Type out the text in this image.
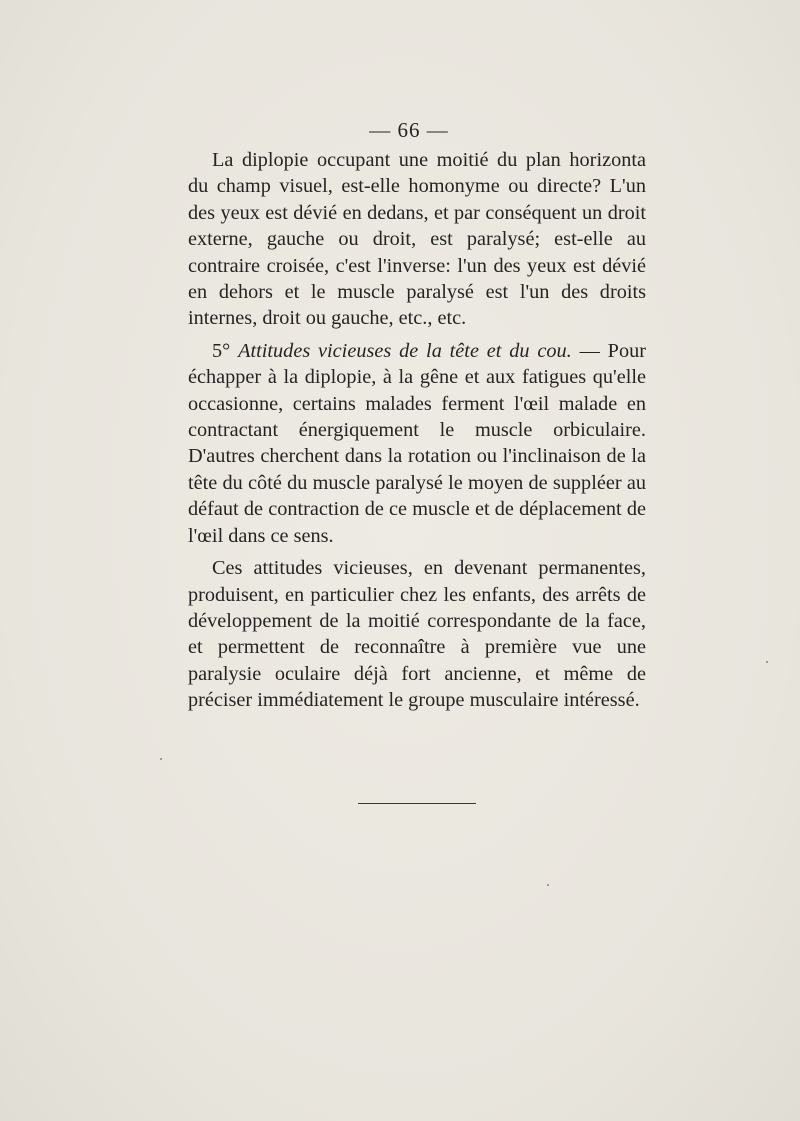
— 66 —

La diplopie occupant une moitié du plan horizonta du champ visuel, est-elle homonyme ou directe? L'un des yeux est dévié en dedans, et par conséquent un droit externe, gauche ou droit, est paralysé; est-elle au contraire croisée, c'est l'inverse: l'un des yeux est dévié en dehors et le muscle paralysé est l'un des droits internes, droit ou gauche, etc., etc.

5° Attitudes vicieuses de la tête et du cou. — Pour échapper à la diplopie, à la gêne et aux fatigues qu'elle occasionne, certains malades ferment l'œil malade en contractant énergiquement le muscle orbiculaire. D'autres cherchent dans la rotation ou l'inclinaison de la tête du côté du muscle paralysé le moyen de suppléer au défaut de contraction de ce muscle et de déplacement de l'œil dans ce sens.

Ces attitudes vicieuses, en devenant permanentes, produisent, en particulier chez les enfants, des arrêts de développement de la moitié correspondante de la face, et permettent de reconnaître à première vue une paralysie oculaire déjà fort ancienne, et même de préciser immédiatement le groupe musculaire intéressé.
